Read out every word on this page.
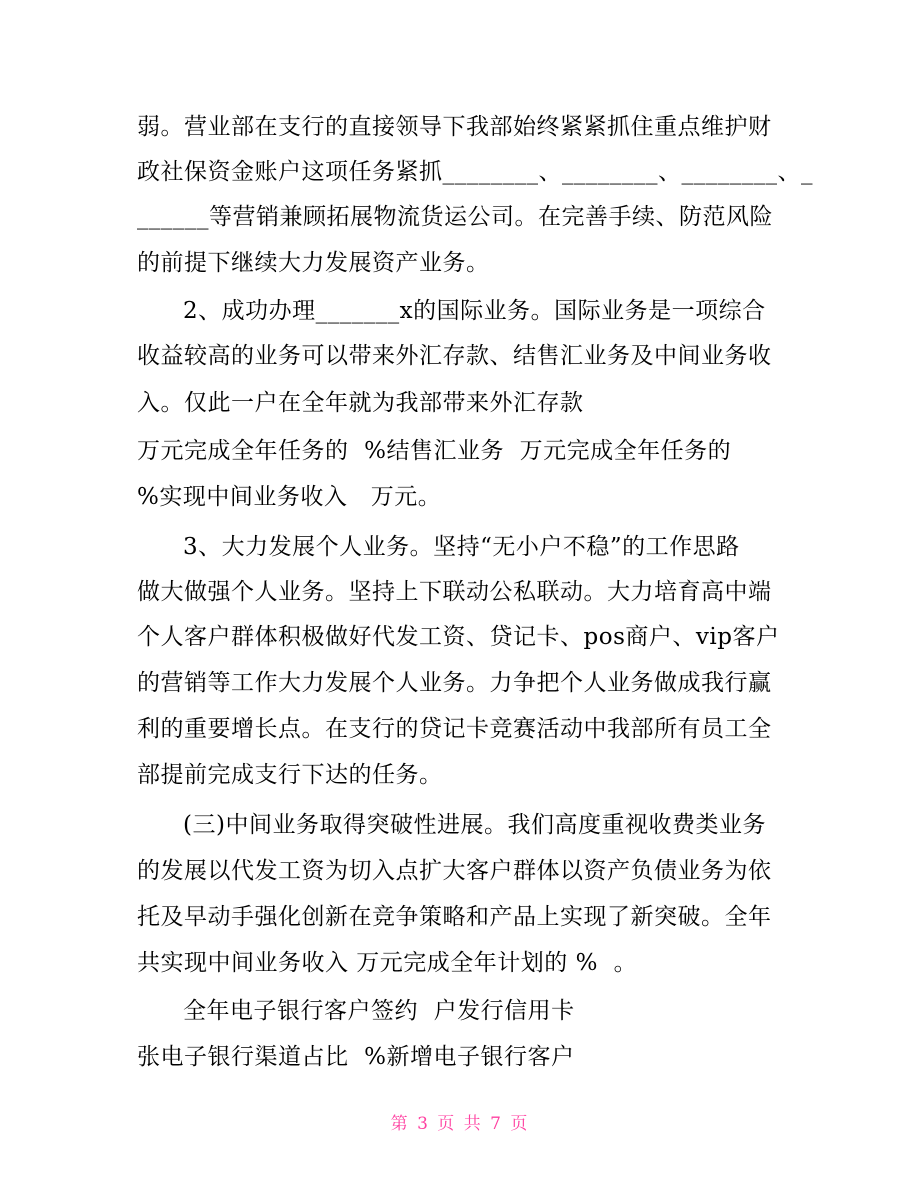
弱。营业部在支行的直接领导下我部始终紧紧抓住重点维护财
政社保资金账户这项任务紧抓________、________、________、_
______等营销兼顾拓展物流货运公司。在完善手续、防范风险
的前提下继续大力发展资产业务。
2、成功办理_______x的国际业务。国际业务是一项综合
收益较高的业务可以带来外汇存款、结售汇业务及中间业务收
入。仅此一户在全年就为我部带来外汇存款
万元完成全年任务的  %结售汇业务  万元完成全年任务的
%实现中间业务收入   万元。
3、大力发展个人业务。坚持“无小户不稳”的工作思路
做大做强个人业务。坚持上下联动公私联动。大力培育高中端
个人客户群体积极做好代发工资、贷记卡、pos商户、vip客户
的营销等工作大力发展个人业务。力争把个人业务做成我行赢
利的重要增长点。在支行的贷记卡竞赛活动中我部所有员工全
部提前完成支行下达的任务。
(三)中间业务取得突破性进展。我们高度重视收费类业务
的发展以代发工资为切入点扩大客户群体以资产负债业务为依
托及早动手强化创新在竞争策略和产品上实现了新突破。全年
共实现中间业务收入 万元完成全年计划的 %  。
全年电子银行客户签约  户发行信用卡
张电子银行渠道占比  %新增电子银行客户
第 3 页 共 7 页
